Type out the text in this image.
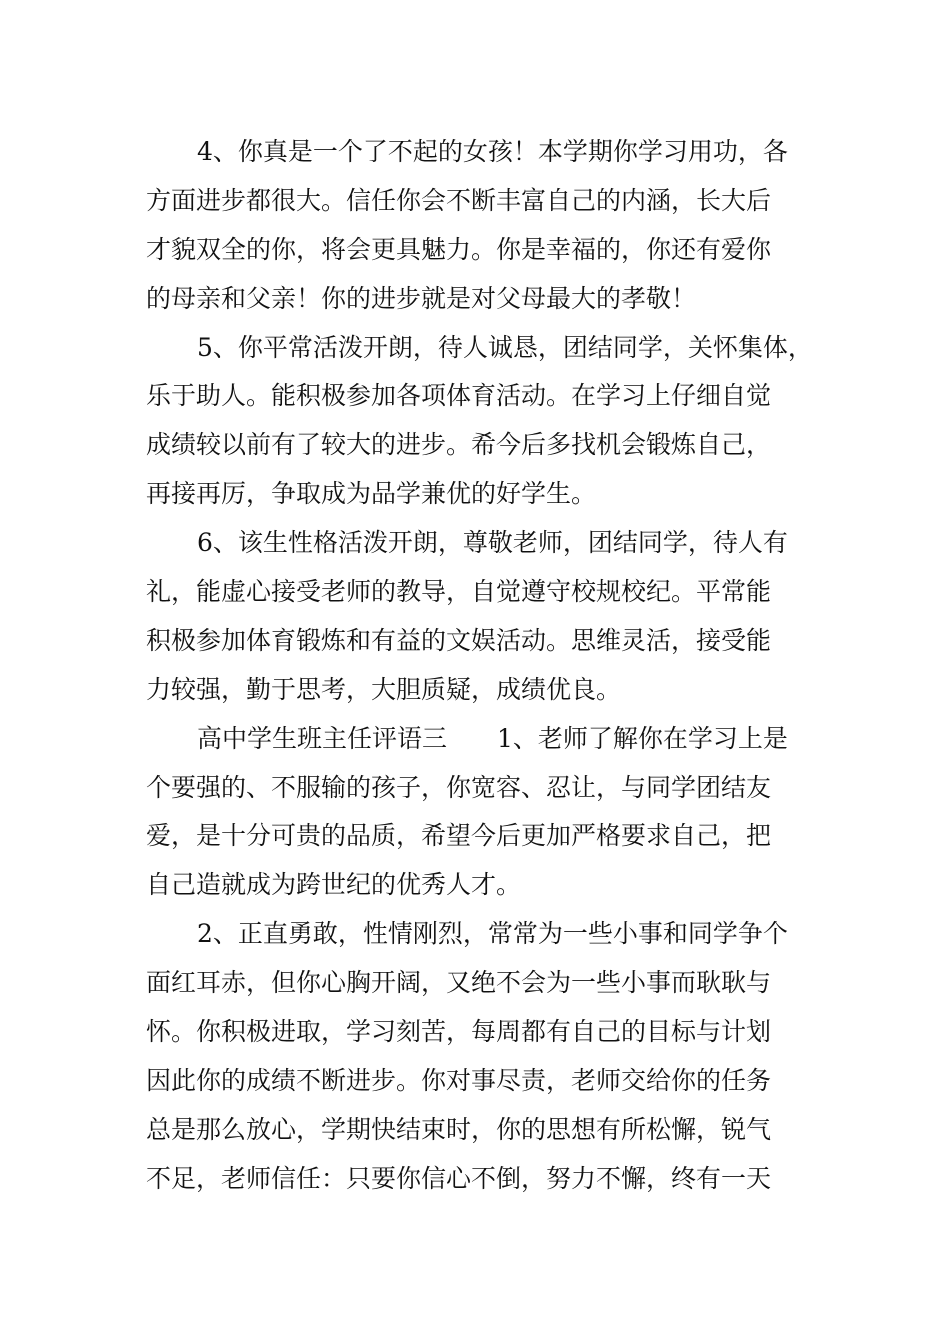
4、你真是一个了不起的女孩！本学期你学习用功，各
方面进步都很大。信任你会不断丰富自己的内涵，长大后
才貌双全的你，将会更具魅力。你是幸福的，你还有爱你
的母亲和父亲！你的进步就是对父母最大的孝敬！
5、你平常活泼开朗，待人诚恳，团结同学，关怀集体，
乐于助人。能积极参加各项体育活动。在学习上仔细自觉
成绩较以前有了较大的进步。希今后多找机会锻炼自己，
再接再厉，争取成为品学兼优的好学生。
6、该生性格活泼开朗，尊敬老师，团结同学，待人有
礼，能虚心接受老师的教导，自觉遵守校规校纪。平常能
积极参加体育锻炼和有益的文娱活动。思维灵活，接受能
力较强，勤于思考，大胆质疑，成绩优良。
高中学生班主任评语三　　1、老师了解你在学习上是
个要强的、不服输的孩子，你宽容、忍让，与同学团结友
爱，是十分可贵的品质，希望今后更加严格要求自己，把
自己造就成为跨世纪的优秀人才。
2、正直勇敢，性情刚烈，常常为一些小事和同学争个
面红耳赤，但你心胸开阔，又绝不会为一些小事而耿耿与
怀。你积极进取，学习刻苦，每周都有自己的目标与计划
因此你的成绩不断进步。你对事尽责，老师交给你的任务
总是那么放心，学期快结束时，你的思想有所松懈，锐气
不足，老师信任：只要你信心不倒，努力不懈，终有一天
